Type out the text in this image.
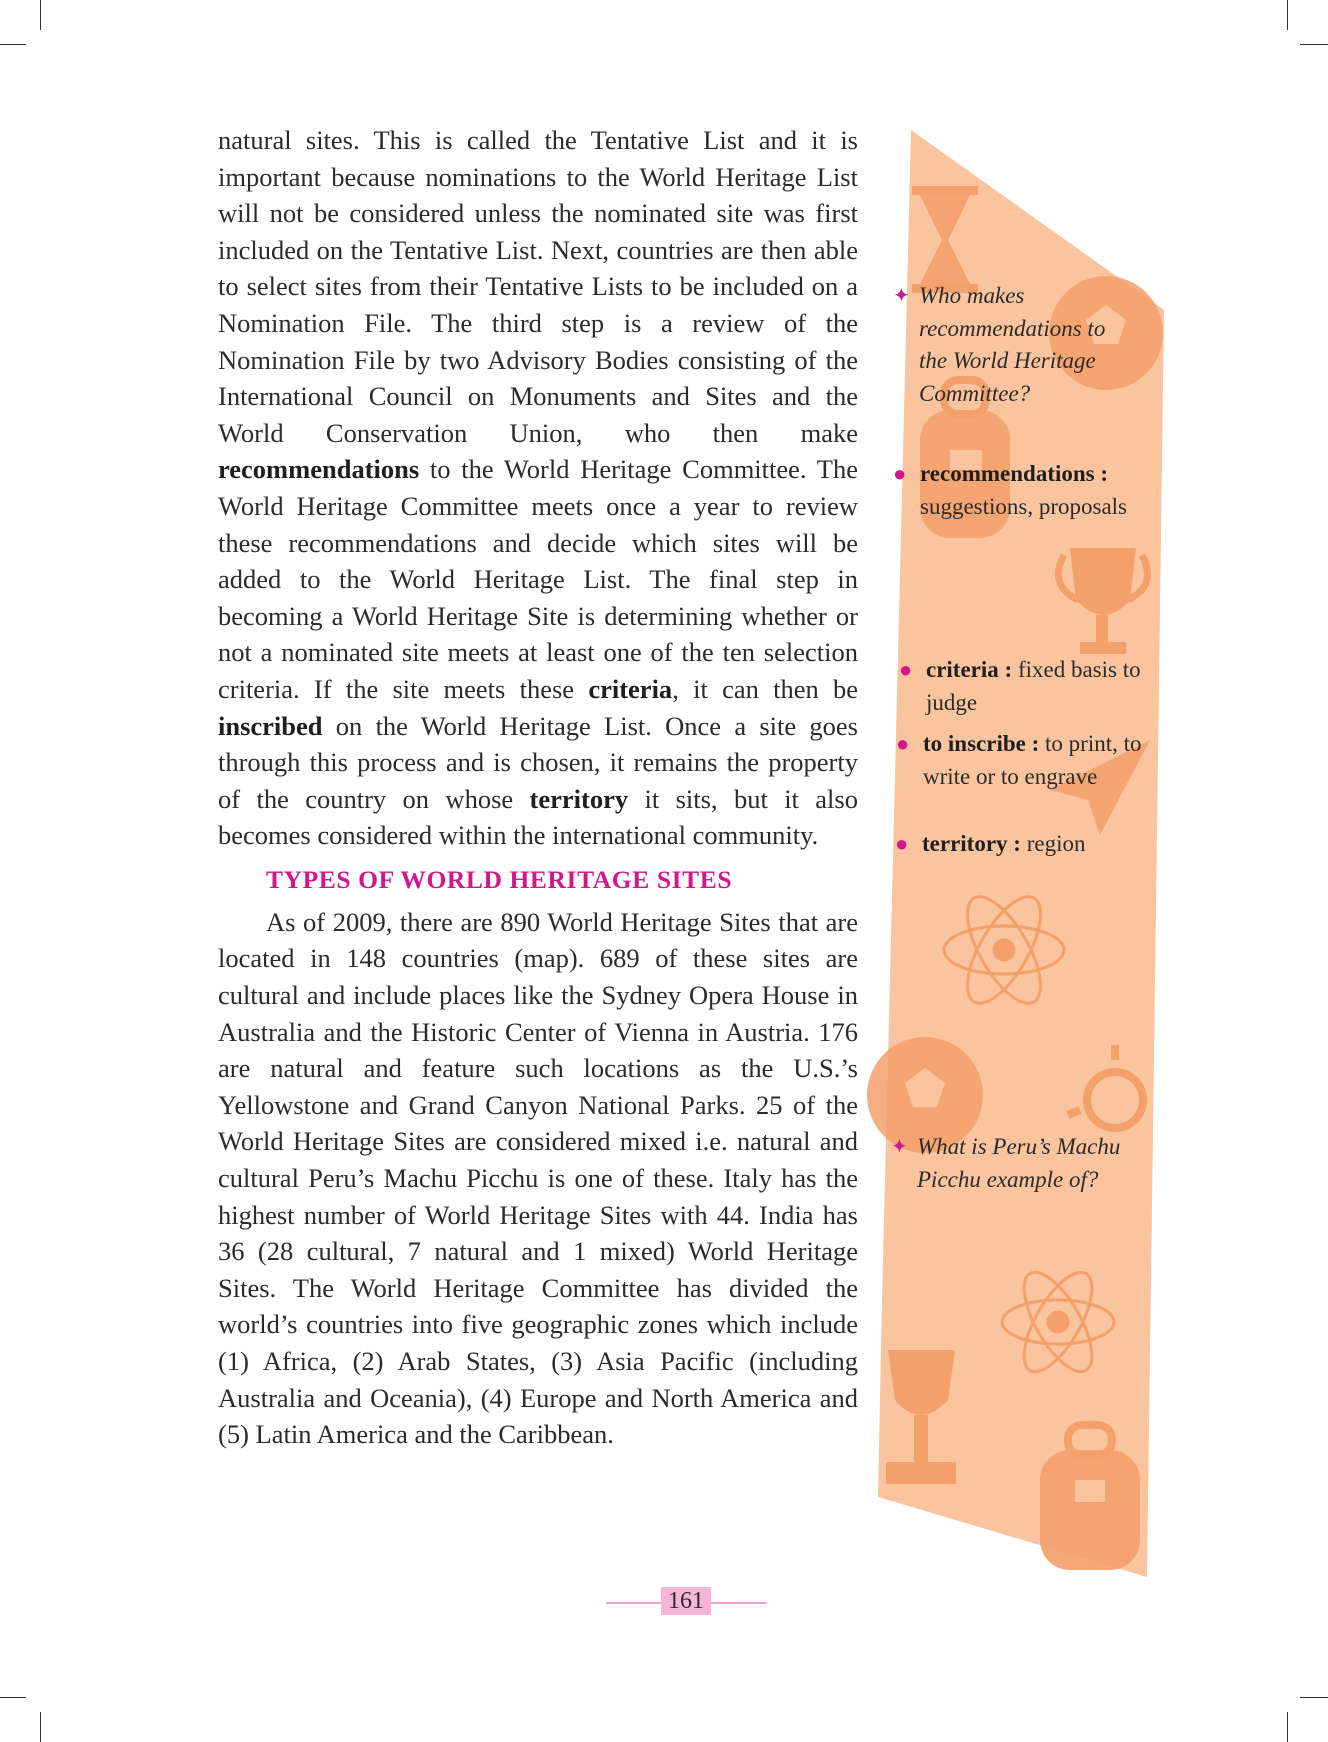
natural sites. This is called the Tentative List and it is important because nominations to the World Heritage List will not be considered unless the nominated site was first included on the Tentative List. Next, countries are then able to select sites from their Tentative Lists to be included on a Nomination File. The third step is a review of the Nomination File by two Advisory Bodies consisting of the International Council on Monuments and Sites and the World Conservation Union, who then make recommendations to the World Heritage Committee. The World Heritage Committee meets once a year to review these recommendations and decide which sites will be added to the World Heritage List. The final step in becoming a World Heritage Site is determining whether or not a nominated site meets at least one of the ten selection criteria. If the site meets these criteria, it can then be inscribed on the World Heritage List. Once a site goes through this process and is chosen, it remains the property of the country on whose territory it sits, but it also becomes considered within the international community.

TYPES OF WORLD HERITAGE SITES

As of 2009, there are 890 World Heritage Sites that are located in 148 countries (map). 689 of these sites are cultural and include places like the Sydney Opera House in Australia and the Historic Center of Vienna in Austria. 176 are natural and feature such locations as the U.S.’s Yellowstone and Grand Canyon National Parks. 25 of the World Heritage Sites are considered mixed i.e. natural and cultural Peru’s Machu Picchu is one of these. Italy has the highest number of World Heritage Sites with 44. India has 36 (28 cultural, 7 natural and 1 mixed) World Heritage Sites. The World Heritage Committee has divided the world’s countries into five geographic zones which include (1) Africa, (2) Arab States, (3) Asia Pacific (including Australia and Oceania), (4) Europe and North America and (5) Latin America and the Caribbean.

✦ Who makes recommendations to the World Heritage Committee?
● recommendations :
suggestions, proposals
● criteria : fixed basis to judge
● to inscribe : to print, to write or to engrave
● territory : region
✦ What is Peru’s Machu Picchu example of?
161
